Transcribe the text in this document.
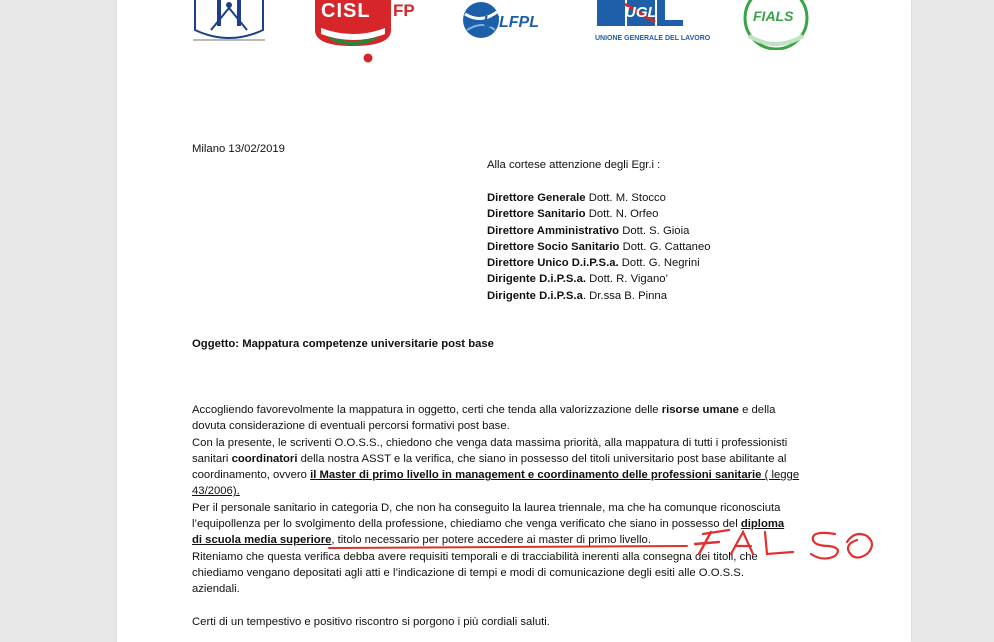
CISL FP
UILFPL
UGL
UNIONE GENERALE DEL LAVORO
FIALS
Milano 13/02/2019
Alla cortese attenzione degli Egr.i :
Direttore Generale Dott. M. Stocco
Direttore Sanitario Dott. N. Orfeo
Direttore Amministrativo Dott. S. Gioia
Direttore Socio Sanitario Dott. G. Cattaneo
Direttore Unico D.i.P.S.a. Dott. G. Negrini
Dirigente D.i.P.S.a. Dott. R. Vigano’
Dirigente D.i.P.S.a. Dr.ssa B. Pinna
Oggetto: Mappatura competenze universitarie post base
Accogliendo favorevolmente la mappatura in oggetto, certi che tenda alla valorizzazione delle risorse umane e della
dovuta considerazione di eventuali percorsi formativi post base.
Con la presente, le scriventi O.O.S.S., chiedono che venga data massima priorità, alla mappatura di tutti i professionisti
sanitari coordinatori della nostra ASST e la verifica, che siano in possesso del titoli universitario post base abilitante al
coordinamento, ovvero il Master di primo livello in management e coordinamento delle professioni sanitarie ( legge
43/2006).
Per il personale sanitario in categoria D, che non ha conseguito la laurea triennale, ma che ha comunque riconosciuta
l’equipollenza per lo svolgimento della professione, chiediamo che venga verificato che siano in possesso del diploma
di scuola media superiore, titolo necessario per potere accedere ai master di primo livello.
Riteniamo che questa verifica debba avere requisiti temporali e di tracciabilità inerenti alla consegna dei titoli, che
chiediamo vengano depositati agli atti e l’indicazione di tempi e modi di comunicazione degli esiti alle O.O.S.S.
aziendali.

Certi di un tempestivo e positivo riscontro si porgono i più cordiali saluti.
